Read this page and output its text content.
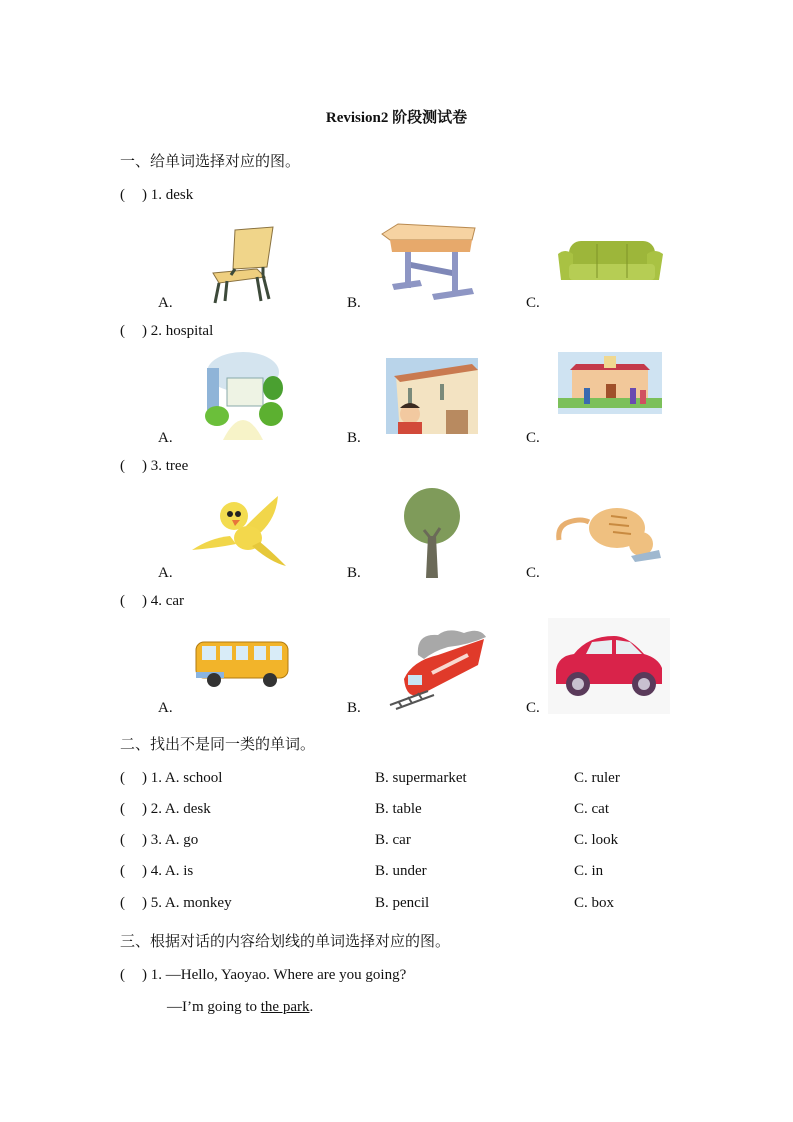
Revision2 阶段测试卷
一、给单词选择对应的图。
( ) 1. desk
A.	B.	C.
( ) 2. hospital
A.	B.	C.
( ) 3. tree
A.	B.	C.
( ) 4. car
A.	B.	C.
二、找出不是同一类的单词。
( ) 1. A. school	B. supermarket	C. ruler
( ) 2. A. desk	B. table	C. cat
( ) 3. A. go	B. car	C. look
( ) 4. A. is	B. under	C. in
( ) 5. A. monkey	B. pencil	C. box
三、根据对话的内容给划线的单词选择对应的图。
( ) 1. —Hello, Yaoyao. Where are you going?
—I’m going to the park.
